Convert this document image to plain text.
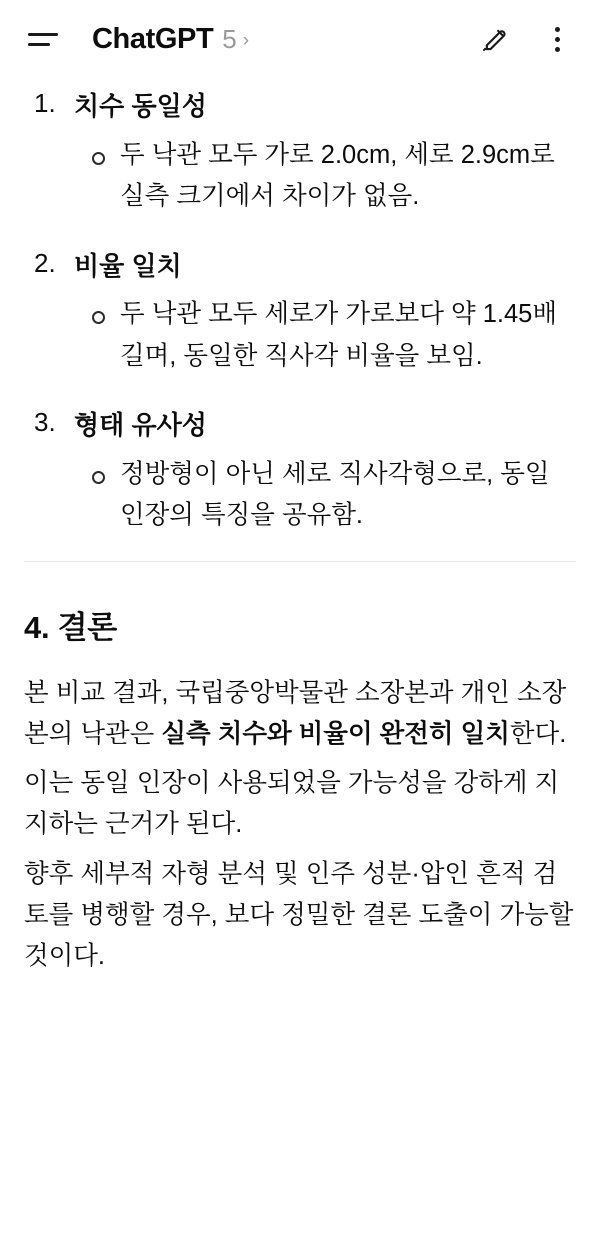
ChatGPT 5 ›
치수 동일성
두 낙관 모두 가로 2.0cm, 세로 2.9cm로 실측 크기에서 차이가 없음.
비율 일치
두 낙관 모두 세로가 가로보다 약 1.45배 길며, 동일한 직사각 비율을 보임.
형태 유사성
정방형이 아닌 세로 직사각형으로, 동일 인장의 특징을 공유함.
4. 결론

본 비교 결과, 국립중앙박물관 소장본과 개인 소장본의 낙관은 실측 치수와 비율이 완전히 일치한다.

이는 동일 인장이 사용되었을 가능성을 강하게 지지하는 근거가 된다.

향후 세부적 자형 분석 및 인주 성분·압인 흔적 검토를 병행할 경우, 보다 정밀한 결론 도출이 가능할 것이다.
